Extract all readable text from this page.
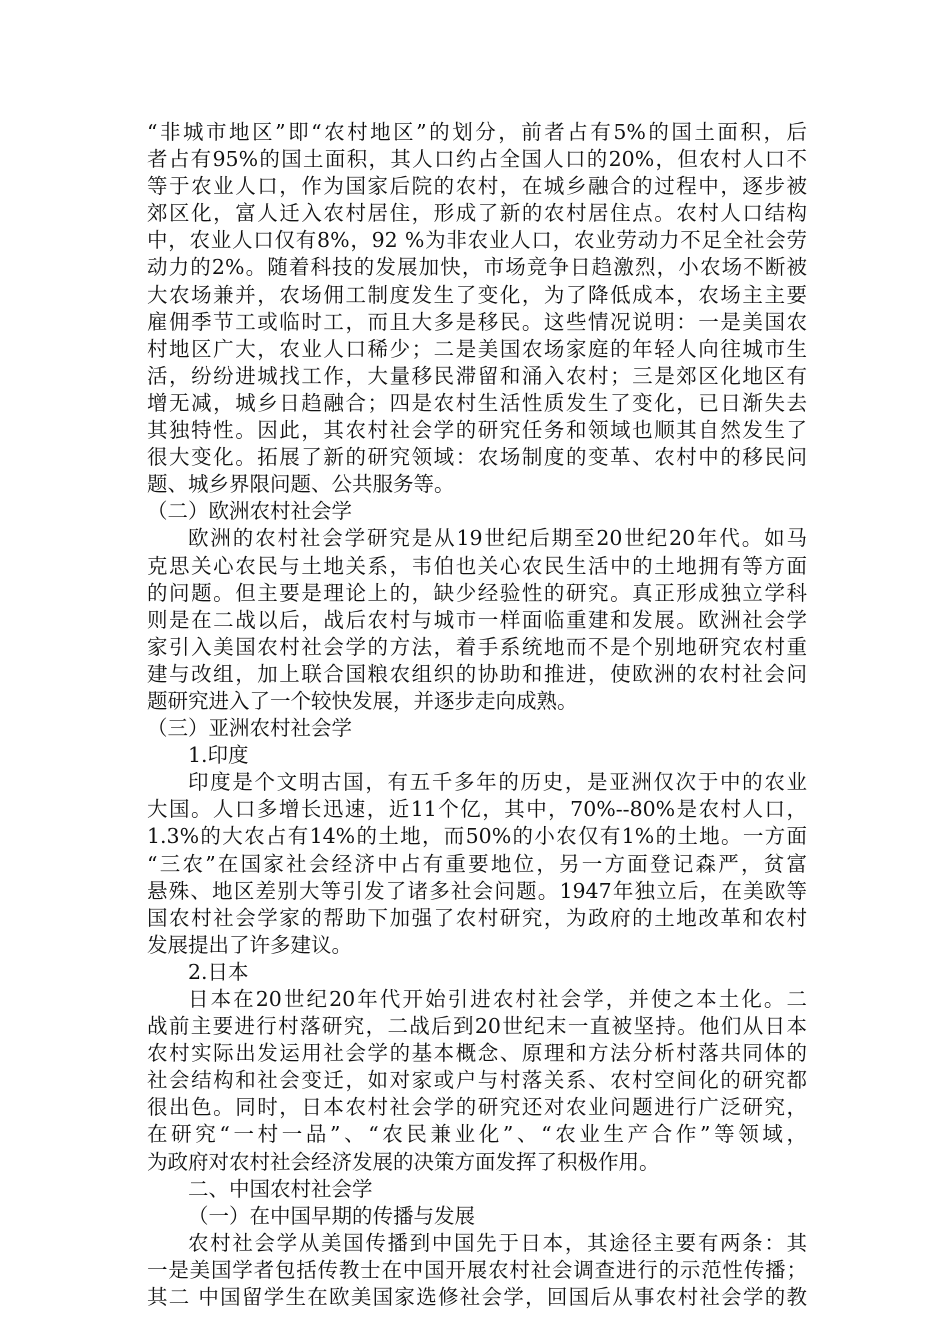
“非城市地区”即“农村地区”的划分，前者占有5%的国土面积，后
者占有95%的国土面积，其人口约占全国人口的20%，但农村人口不
等于农业人口，作为国家后院的农村，在城乡融合的过程中，逐步被
郊区化，富人迁入农村居住，形成了新的农村居住点。农村人口结构
中，农业人口仅有8%，92 %为非农业人口，农业劳动力不足全社会劳
动力的2%。随着科技的发展加快，市场竞争日趋激烈，小农场不断被
大农场兼并，农场佣工制度发生了变化，为了降低成本，农场主主要
雇佣季节工或临时工，而且大多是移民。这些情况说明：一是美国农
村地区广大，农业人口稀少；二是美国农场家庭的年轻人向往城市生
活，纷纷进城找工作，大量移民滞留和涌入农村；三是郊区化地区有
增无减，城乡日趋融合；四是农村生活性质发生了变化，已日渐失去
其独特性。因此，其农村社会学的研究任务和领域也顺其自然发生了
很大变化。拓展了新的研究领域：农场制度的变革、农村中的移民问
题、城乡界限问题、公共服务等。
（二）欧洲农村社会学
欧洲的农村社会学研究是从19世纪后期至20世纪20年代。如马
克思关心农民与土地关系，韦伯也关心农民生活中的土地拥有等方面
的问题。但主要是理论上的，缺少经验性的研究。真正形成独立学科
则是在二战以后，战后农村与城市一样面临重建和发展。欧洲社会学
家引入美国农村社会学的方法，着手系统地而不是个别地研究农村重
建与改组，加上联合国粮农组织的协助和推进，使欧洲的农村社会问
题研究进入了一个较快发展，并逐步走向成熟。
（三）亚洲农村社会学
1.印度
印度是个文明古国，有五千多年的历史，是亚洲仅次于中的农业
大国。人口多增长迅速，近11个亿，其中，70%--80%是农村人口，
1.3%的大农占有14%的土地，而50%的小农仅有1%的土地。一方面
“三农”在国家社会经济中占有重要地位，另一方面登记森严，贫富
悬殊、地区差别大等引发了诸多社会问题。1947年独立后，在美欧等
国农村社会学家的帮助下加强了农村研究，为政府的土地改革和农村
发展提出了许多建议。
2.日本
日本在20世纪20年代开始引进农村社会学，并使之本土化。二
战前主要进行村落研究，二战后到20世纪末一直被坚持。他们从日本
农村实际出发运用社会学的基本概念、原理和方法分析村落共同体的
社会结构和社会变迁，如对家或户与村落关系、农村空间化的研究都
很出色。同时，日本农村社会学的研究还对农业问题进行广泛研究，
在研究“一村一品”、“农民兼业化”、“农业生产合作”等领域，
为政府对农村社会经济发展的决策方面发挥了积极作用。
二、中国农村社会学
（一）在中国早期的传播与发展
农村社会学从美国传播到中国先于日本，其途径主要有两条：其
一是美国学者包括传教士在中国开展农村社会调查进行的示范性传播；
其二 中国留学生在欧美国家选修社会学，回国后从事农村社会学的教
